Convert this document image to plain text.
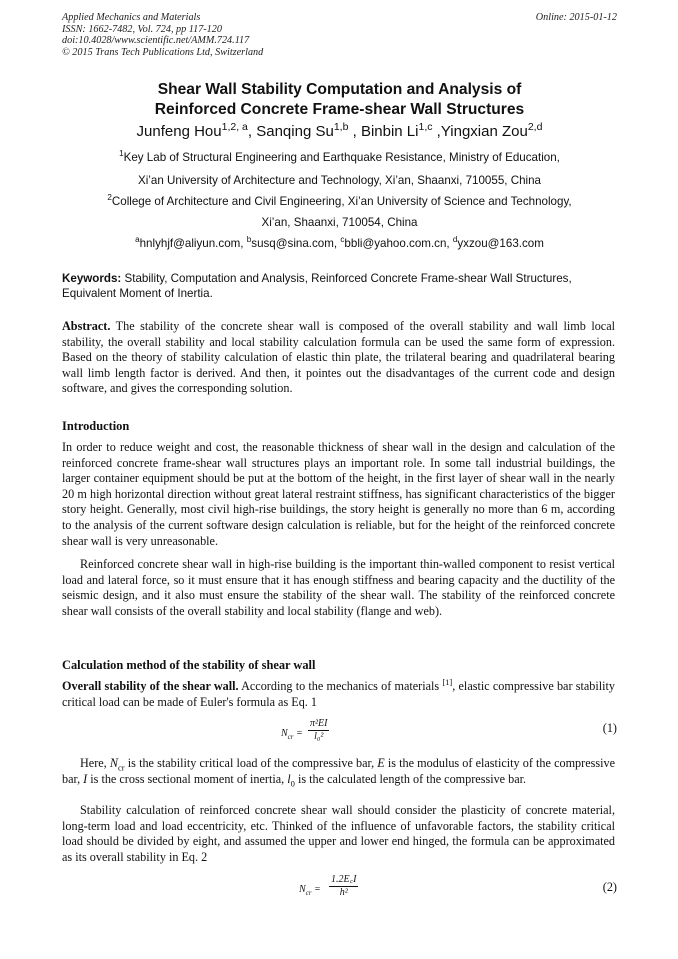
Applied Mechanics and Materials
ISSN: 1662-7482, Vol. 724, pp 117-120
doi:10.4028/www.scientific.net/AMM.724.117
© 2015 Trans Tech Publications Ltd, Switzerland
Online: 2015-01-12
Shear Wall Stability Computation and Analysis of
Reinforced Concrete Frame-shear Wall Structures
Junfeng Hou$^{1,2, a}$, Sanqing Su$^{1,b}$ , Binbin Li$^{1,c}$ ,Yingxian Zou$^{2,d}$
$^1$Key Lab of Structural Engineering and Earthquake Resistance, Ministry of Education,
Xi’an University of Architecture and Technology, Xi’an, Shaanxi, 710055, China
$^2$College of Architecture and Civil Engineering, Xi’an University of Science and Technology,
Xi’an, Shaanxi, 710054, China
$^a$hnlyhjf@aliyun.com, $^b$susq@sina.com, $^c$bbli@yahoo.com.cn, $^d$yxzou@163.com
Keywords: Stability, Computation and Analysis, Reinforced Concrete Frame-shear Wall Structures, Equivalent Moment of Inertia.
Abstract. The stability of the concrete shear wall is composed of the overall stability and wall limb local stability, the overall stability and local stability calculation formula can be used the same form of expression. Based on the theory of stability calculation of elastic thin plate, the trilateral bearing and quadrilateral bearing wall limb length factor is derived. And then, it pointes out the disadvantages of the current code and design software, and gives the corresponding solution.
Introduction
In order to reduce weight and cost, the reasonable thickness of shear wall in the design and calculation of the reinforced concrete frame-shear wall structures plays an important role. In some tall industrial buildings, the larger container equipment should be put at the bottom of the height, in the first layer of shear wall in the nearly 20 m high horizontal direction without great lateral restraint stiffness, has significant characteristics of the bigger story height. Generally, most civil high-rise buildings, the story height is generally no more than 6 m, according to the analysis of the current software design calculation is reliable, but for the height of the reinforced concrete shear wall is very unreasonable.
Reinforced concrete shear wall in high-rise building is the important thin-walled component to resist vertical load and lateral force, so it must ensure that it has enough stiffness and bearing capacity and the ductility of the seismic design, and it also must ensure the stability of the shear wall. The stability of the reinforced concrete shear wall consists of the overall stability and local stability (flange and web).
Calculation method of the stability of shear wall
Overall stability of the shear wall. According to the mechanics of materials [1], elastic compressive bar stability critical load can be made of Euler's formula as Eq. 1
$N_{cr} = \frac{\text{π²EI}}{\text{l₀²}}$	(1)
Here, $N_{cr}$ is the stability critical load of the compressive bar, E is the modulus of elasticity of the compressive bar, I is the cross sectional moment of inertia, $l_0$ is the calculated length of the compressive bar.
Stability calculation of reinforced concrete shear wall should consider the plasticity of concrete material, long-term load and load eccentricity, etc. Thinked of the influence of unfavorable factors, the stability critical load should be divided by eight, and assumed the upper and lower end hinged, the formula can be approximated as its overall stability in Eq. 2
$N_{cr} = \frac{1.2E꜀I}{\text{h²}}$	(2)
